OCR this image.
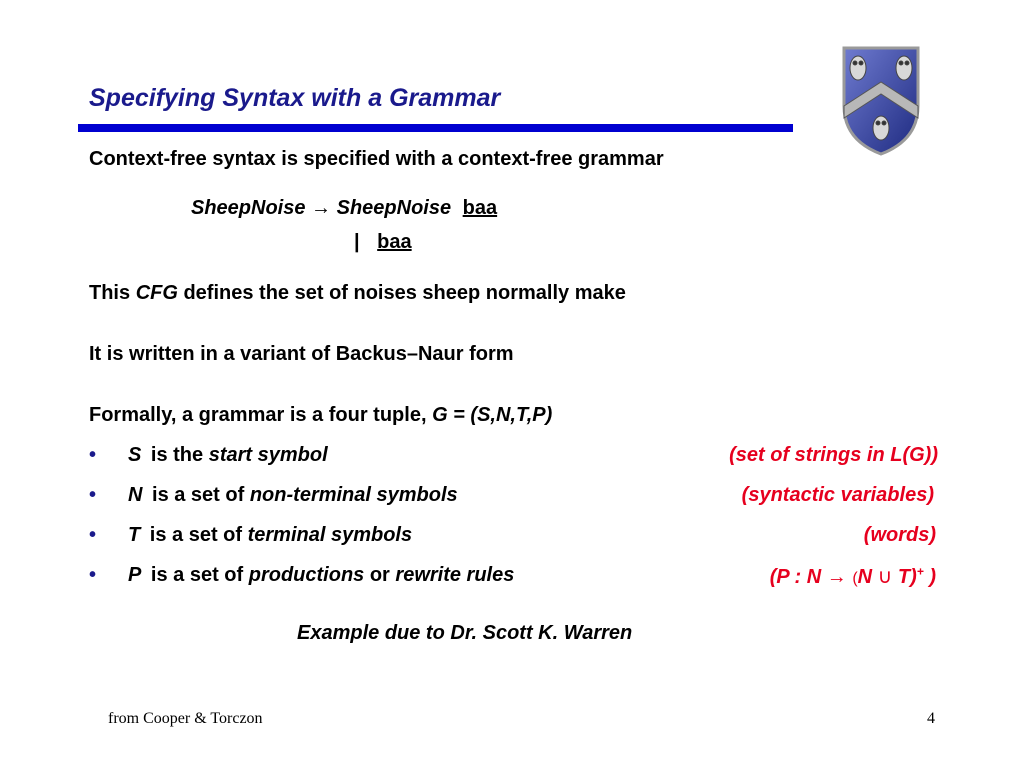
Specifying Syntax with a Grammar
Context-free syntax is specified with a context-free grammar
SheepNoise → SheepNoise baa
| baa
This CFG defines the set of noises sheep normally make
It is written in a variant of Backus–Naur form
Formally, a grammar is a four tuple, G = (S,N,T,P)
• S is the start symbol	(set of strings in L(G))
• N is a set of non-terminal symbols	(syntactic variables)
• T is a set of terminal symbols	(words)
• P is a set of productions or rewrite rules	(P : N → (N ∪ T)+ )
Example due to Dr. Scott K. Warren
from Cooper & Torczon	4
